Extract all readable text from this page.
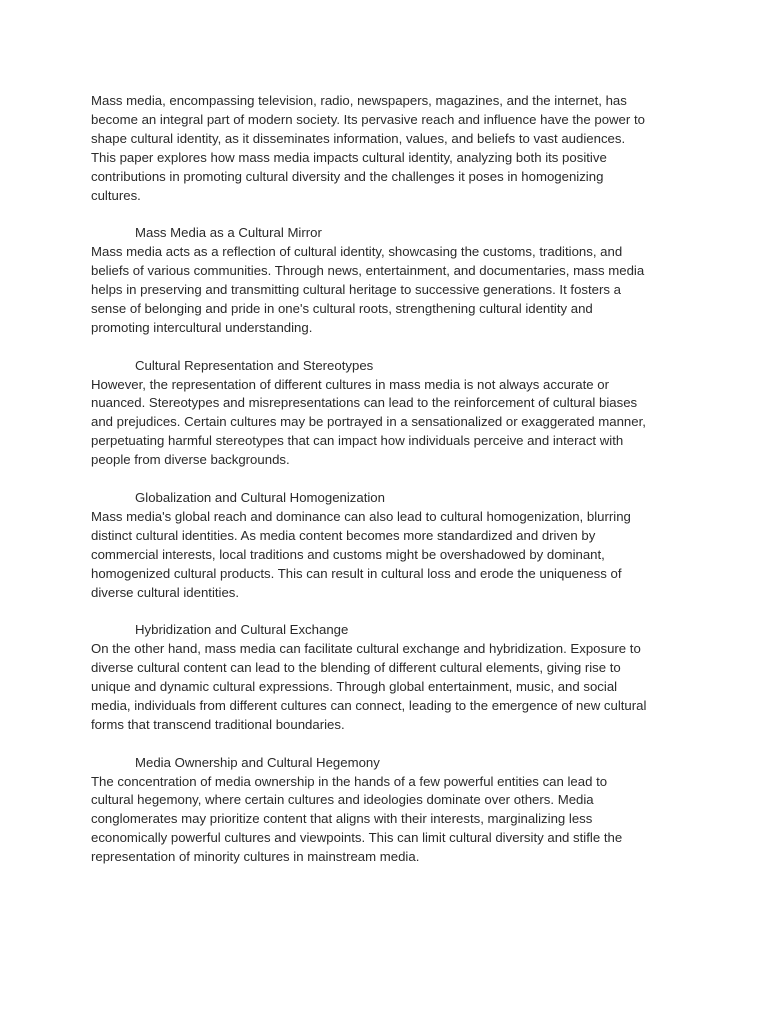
Mass media, encompassing television, radio, newspapers, magazines, and the internet, has
become an integral part of modern society. Its pervasive reach and influence have the power to
shape cultural identity, as it disseminates information, values, and beliefs to vast audiences.
This paper explores how mass media impacts cultural identity, analyzing both its positive
contributions in promoting cultural diversity and the challenges it poses in homogenizing
cultures.
Mass Media as a Cultural Mirror
Mass media acts as a reflection of cultural identity, showcasing the customs, traditions, and
beliefs of various communities. Through news, entertainment, and documentaries, mass media
helps in preserving and transmitting cultural heritage to successive generations. It fosters a
sense of belonging and pride in one's cultural roots, strengthening cultural identity and
promoting intercultural understanding.
Cultural Representation and Stereotypes
However, the representation of different cultures in mass media is not always accurate or
nuanced. Stereotypes and misrepresentations can lead to the reinforcement of cultural biases
and prejudices. Certain cultures may be portrayed in a sensationalized or exaggerated manner,
perpetuating harmful stereotypes that can impact how individuals perceive and interact with
people from diverse backgrounds.
Globalization and Cultural Homogenization
Mass media's global reach and dominance can also lead to cultural homogenization, blurring
distinct cultural identities. As media content becomes more standardized and driven by
commercial interests, local traditions and customs might be overshadowed by dominant,
homogenized cultural products. This can result in cultural loss and erode the uniqueness of
diverse cultural identities.
Hybridization and Cultural Exchange
On the other hand, mass media can facilitate cultural exchange and hybridization. Exposure to
diverse cultural content can lead to the blending of different cultural elements, giving rise to
unique and dynamic cultural expressions. Through global entertainment, music, and social
media, individuals from different cultures can connect, leading to the emergence of new cultural
forms that transcend traditional boundaries.
Media Ownership and Cultural Hegemony
The concentration of media ownership in the hands of a few powerful entities can lead to
cultural hegemony, where certain cultures and ideologies dominate over others. Media
conglomerates may prioritize content that aligns with their interests, marginalizing less
economically powerful cultures and viewpoints. This can limit cultural diversity and stifle the
representation of minority cultures in mainstream media.
